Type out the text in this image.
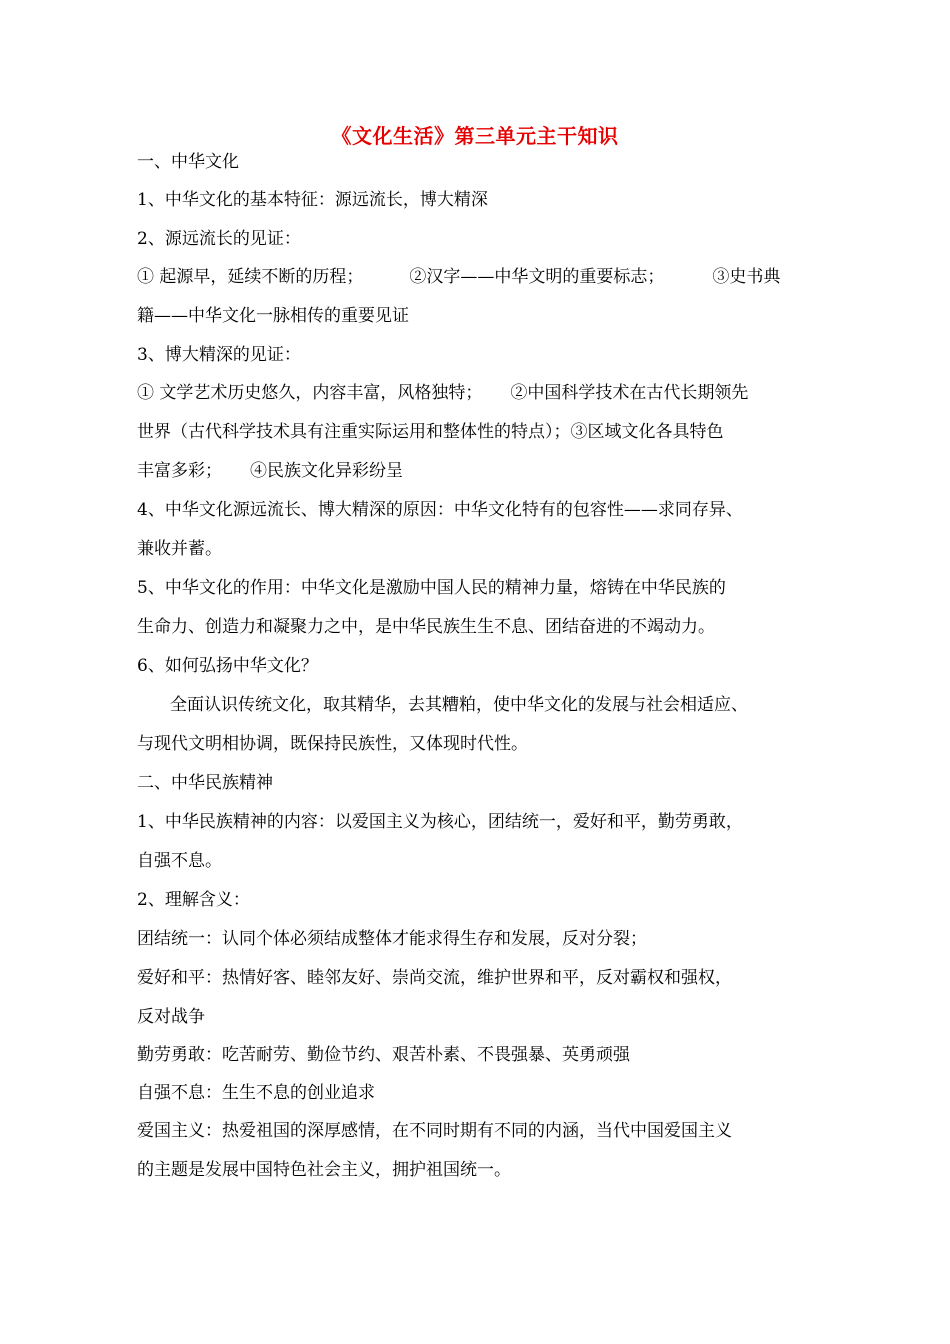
《文化生活》第三单元主干知识
一、中华文化
1、中华文化的基本特征：源远流长，博大精深
2、源远流长的见证：
① 起源早，延续不断的历程；	②汉字——中华文明的重要标志；	③史书典
籍——中华文化一脉相传的重要见证
3、博大精深的见证：
① 文学艺术历史悠久，内容丰富，风格独特； ②中国科学技术在古代长期领先
世界（古代科学技术具有注重实际运用和整体性的特点）；③区域文化各具特色
丰富多彩； ④民族文化异彩纷呈
4、中华文化源远流长、博大精深的原因：中华文化特有的包容性——求同存异、
兼收并蓄。
5、中华文化的作用：中华文化是激励中国人民的精神力量，熔铸在中华民族的
生命力、创造力和凝聚力之中，是中华民族生生不息、团结奋进的不竭动力。
6、如何弘扬中华文化？
全面认识传统文化，取其精华，去其糟粕，使中华文化的发展与社会相适应、
与现代文明相协调，既保持民族性，又体现时代性。
二、中华民族精神
1、中华民族精神的内容：以爱国主义为核心，团结统一，爱好和平，勤劳勇敢，
自强不息。
2、理解含义：
团结统一：认同个体必须结成整体才能求得生存和发展，反对分裂；
爱好和平：热情好客、睦邻友好、崇尚交流，维护世界和平，反对霸权和强权，
反对战争
勤劳勇敢：吃苦耐劳、勤俭节约、艰苦朴素、不畏强暴、英勇顽强
自强不息：生生不息的创业追求
爱国主义：热爱祖国的深厚感情，在不同时期有不同的内涵，当代中国爱国主义
的主题是发展中国特色社会主义，拥护祖国统一。
